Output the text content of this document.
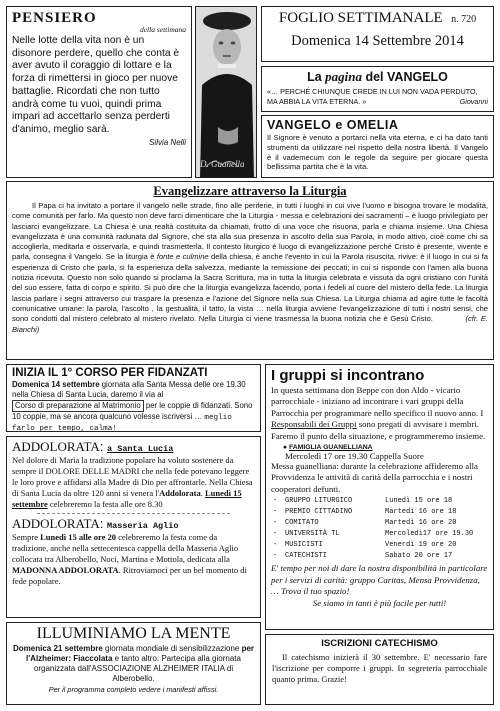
PENSIERO
della settimana
Nelle lotte della vita non è un disonore perdere, quello che conta è aver avuto il coraggio di lottare e la forza di rimettersi in gioco per nuove battaglie. Ricordati che non tutto andrà come tu vuoi, quindi prima impari ad accettarlo senza perderti d'animo, meglio sarà.
Silvia Nelli
D. Guanella
FOGLIO SETTIMANALE n. 720
Domenica 14 Settembre 2014
La pagina del VANGELO
«… PERCHÉ CHIUNQUE CREDE IN LUI NON VADA PERDUTO, MA ABBIA LA VITA ETERNA. »	Giovanni
VANGELO e OMELIA
Il Signore è venuto a portarci nella vita eterna, e ci ha dato tanti strumenti da utilizzare nel rispetto della nostra libertà. Il Vangelo è il vademecum con le regole da seguire per giocare questa bellissima partita che è la vita.
Evangelizzare attraverso la Liturgia
Il Papa ci ha invitato a portare il vangelo nelle strade, fino alle periferie, in tutti i luoghi in cui vive l'uomo e bisogna trovare le modalità, come comunità per farlo. Ma questo non deve farci dimenticare che la Liturgia - messa e celebrazioni dei sacramenti – è luogo privilegiato per lasciarci evangelizzare. La Chiesa è una realtà costituita da chiamati, frutto di una voce che risuona, parla e chiama insieme. Una Chiesa evangelizzata è una comunità radunata dal Signore, che sta alla sua presenza in ascolto della sua Parola, in modo attivo, cioè come chi sa accoglierla, meditarla e osservarla, e quindi trasmetterla. Il contesto liturgico è luogo di evangelizzazione perché Cristo è presente, vivente e parla, consegna il Vangelo. Se la liturgia è fonte e culmine della chiesa, è anche l'evento in cui la Parola risuscita, rivive: è il luogo in cui si fa esperienza di Cristo che parla, si fa esperienza della salvezza, mediante la remissione dei peccati; in cui si risponde con l'amen alla buona notizia ricevuta. Questo non solo quando si proclama la Sacra Scrittura, ma in tutta la liturgia celebrata e vissuta da ogni cristiano con l'unità del suo essere, fatta di corpo e spirito. Si può dire che la liturgia evangelizza facendo, porta i fedeli al cuore del mistero della fede. La liturgia lascia parlare i segni attraverso cui traspare la presenza e l'azione del Signore nella sua Chiesa. La Liturgia chiama ad agire tutte le facoltà comunicative umane: la parola, l'ascolto , la gestualità, il tatto, la vista … nella liturgia avviene l'evangelizzazione di tutti i nostri sensi, che sono condotti dal mistero celebrato al mistero rivelato. Nella Liturgia ci viene trasmessa la buona notizia che è Gesù Cristo.	(cfr. E. Bianchi)
INIZIA IL 1° CORSO PER FIDANZATI
Domenica 14 settembre giornata alla Santa Messa delle ore 19.30 nella Chiesa di Santa Lucia, daremo il via al Corso di preparazione al Matrimonio per le coppie di fidanzati. Sono 10 coppie, ma se ancora qualcuno volesse iscriversi … meglio farlo per tempo, calma!
ADDOLORATA: a Santa Lucia
Nel dolore di Maria la tradizione popolare ha voluto sostenere da sempre il DOLORE DELLE MADRI che nella fede potevano leggere le loro prove e affidarsi alla Madre di Dio per affrontarle. Nella Chiesa di Santa Lucia da oltre 120 anni si venera l'Addolorata. Lunedì 15 settembre celebreremo la festa alle ore 8.30
ADDOLORATA: Masseria Aglio
Sempre Lunedì 15 alle ore 20 celebreremo la festa come da tradizione, anche nella settecentesca cappella della Masseria Aglio collocata tra Alberobello, Noci, Martina e Mottola, dedicata alla MADONNA ADDOLORATA. Ritroviamoci per un bel momento di fede popolare.
ILLUMINIAMO LA MENTE
Domenica 21 settembre giornata mondiale di sensibilizzazione per l'Alzheimer: Fiaccolata e tanto altro. Partecipa alla giornata organizzata dall'ASSOCIAZIONE ALZHEIMER ITALIA di Alberobello.
Per il programma completo vedere i manifesti affissi.
I gruppi si incontrano
In questa settimana don Beppe con don Aldo - vicario parrocchiale - iniziano ad incontrare i vari gruppi della Parrocchia per programmare nello specifico il nuovo anno. I Responsabili dei Gruppi sono pregati di avvisare i membri. Faremo il punto della situazione, e programmeremo insieme.
● FAMIGLIA GUANELLIANA
Mercoledì 17 ore 19.30 Cappella Suore
Messa guanelliana: durante la celebrazione affideremo alla Provvidenza le attività di carità della parrocchia e i nostri cooperatori defunti.
-	GRUPPO LITURGICO	Lunedì 15 ore 18
-	PREMIO CITTADINO	Martedì 16 ore 18
-	COMITATO	Martedì 16 ore 20
-	UNIVERSITÀ TL	Mercoledì17 ore 19.30
-	MUSICISTI	Venerdì 19 ore 20
-	CATECHISTI	Sabato 20 ore 17
E' tempo per noi di dare la nostra disponibilità in particolare per i servizi di carità: gruppo Caritas, Mensa Provvidenza, … Trova il tuo spazio!
Se siamo in tanti è più facile per tutti!
ISCRIZIONI CATECHISMO
Il catechismo inizierà il 30 settembre. E' necessario fare l'iscrizione per comporre i gruppi. In segreteria parrocchiale quanto prima. Grazie!
